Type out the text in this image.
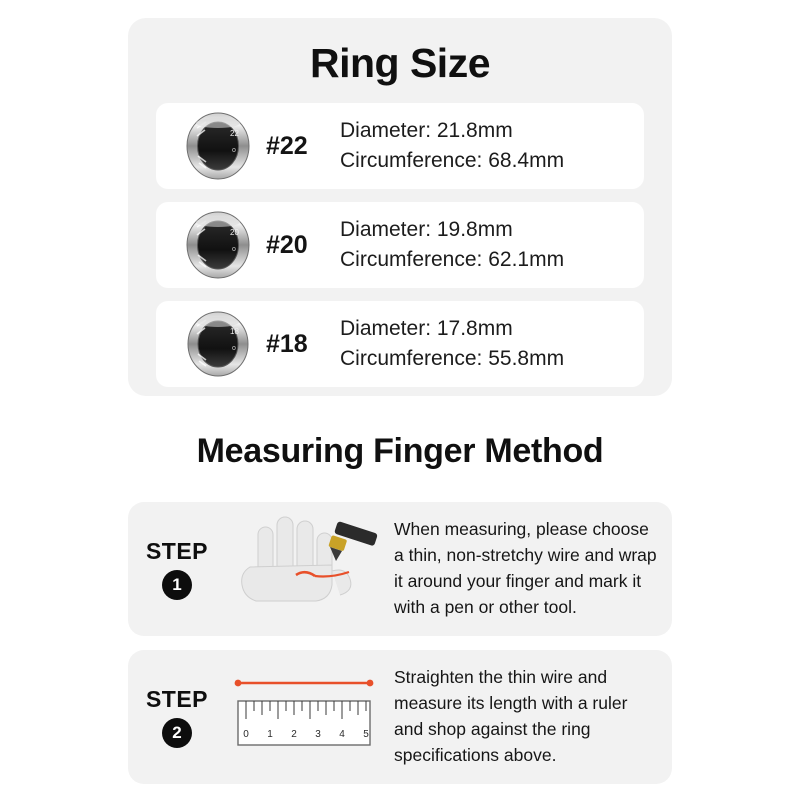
Ring Size
22
o #22
Diameter: 21.8mm
Circumference: 68.4mm
20
o #20
Diameter: 19.8mm
Circumference: 62.1mm
18
o #18
Diameter: 17.8mm
Circumference: 55.8mm
Measuring Finger Method
STEP
1
When measuring, please choose a thin, non-stretchy wire and wrap it around your finger and mark it with a pen or other tool.
STEP
2	0 1 2 3 4 5
Straighten the thin wire and measure its length with a ruler and shop against the ring specifications above.
